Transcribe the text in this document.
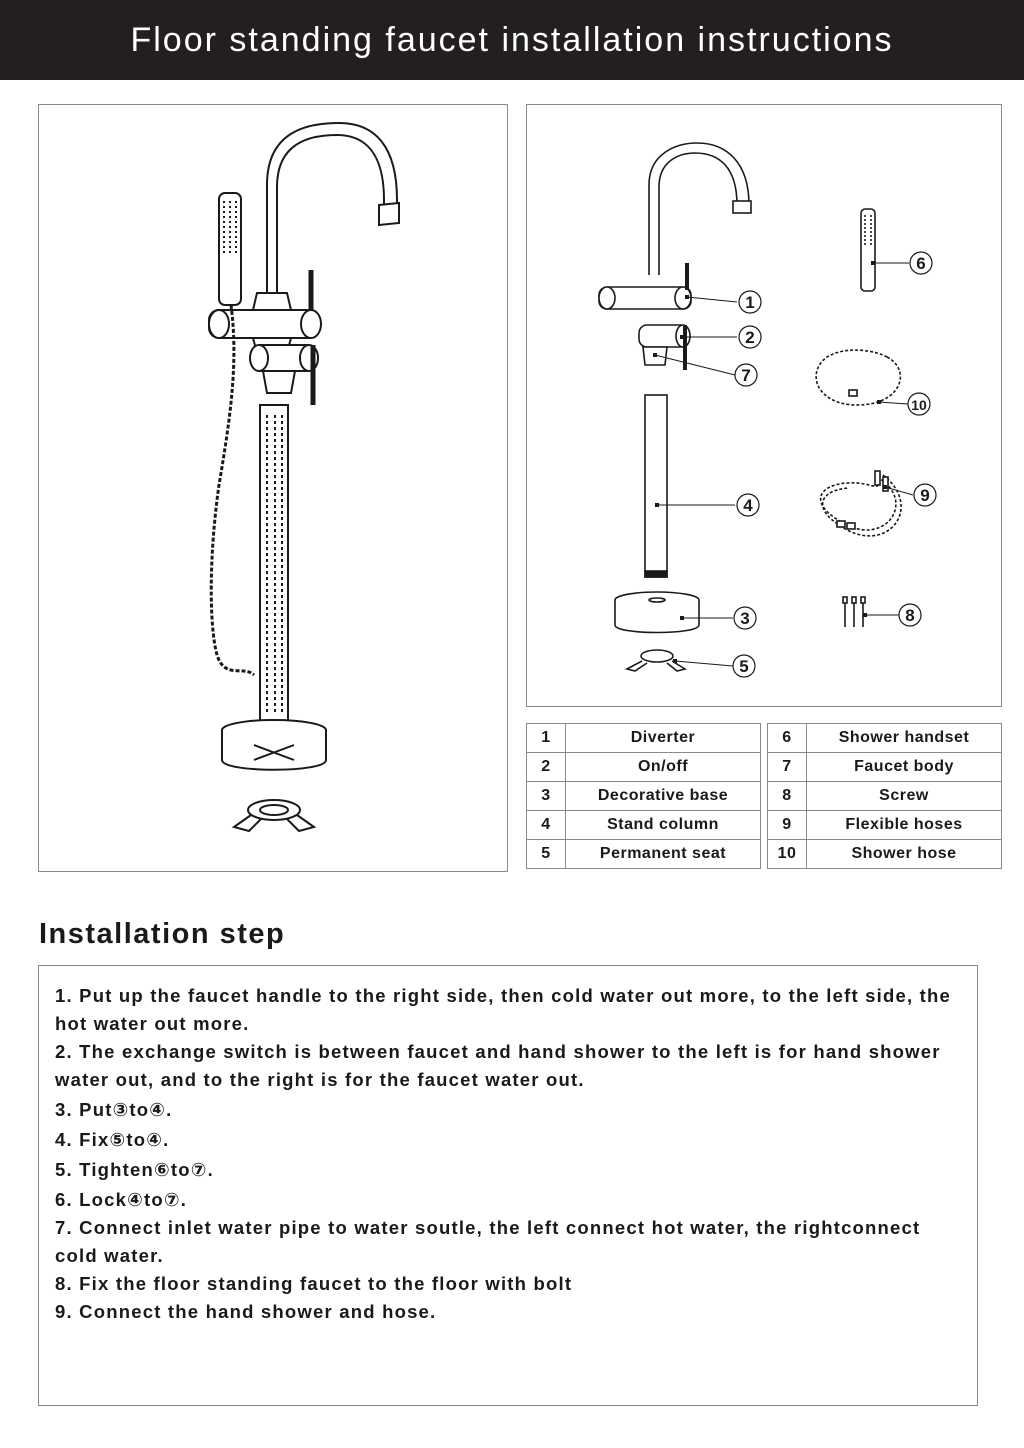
Floor standing faucet installation instructions
1
2
7
4
3
5
6
10
9
8
1	Diverter
2	On/off
3	Decorative base
4	Stand column
5	Permanent seat
6	Shower handset
7	Faucet body
8	Screw
9	Flexible hoses
10	Shower hose
Installation step

1. Put up the faucet handle to the right side, then cold water out more, to the left side, the hot water out more.

2. The exchange switch is between faucet and hand shower to the left is for hand shower water out, and to the right is for the faucet water out.

3. Put③to④.

4. Fix⑤to④.

5. Tighten⑥to⑦.

6. Lock④to⑦.

7. Connect inlet water pipe to water soutle, the left connect hot water, the rightconnect cold water.

8. Fix the floor standing faucet to the floor with bolt

9. Connect the hand shower and hose.
